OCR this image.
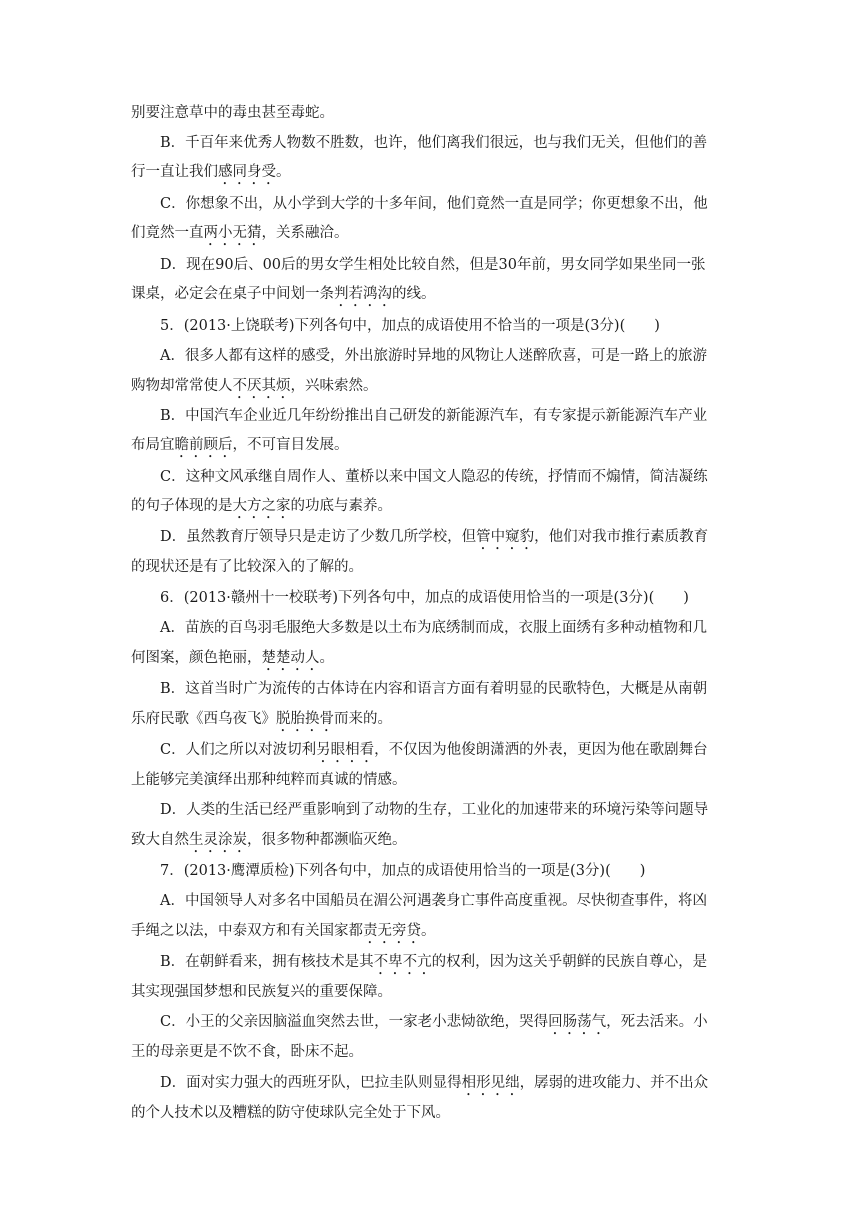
别要注意草中的毒虫甚至毒蛇。
B．千百年来优秀人物数不胜数，也许，他们离我们很远，也与我们无关，但他们的善
行一直让我们感同身受。
C．你想象不出，从小学到大学的十多年间，他们竟然一直是同学；你更想象不出，他
们竟然一直两小无猜，关系融洽。
D．现在90后、00后的男女学生相处比较自然，但是30年前，男女同学如果坐同一张
课桌，必定会在桌子中间划一条判若鸿沟的线。
5．(2013·上饶联考)下列各句中，加点的成语使用不恰当的一项是(3分)(　　)
A．很多人都有这样的感受，外出旅游时异地的风物让人迷醉欣喜，可是一路上的旅游
购物却常常使人不厌其烦，兴味索然。
B．中国汽车企业近几年纷纷推出自己研发的新能源汽车，有专家提示新能源汽车产业
布局宜瞻前顾后，不可盲目发展。
C．这种文风承继自周作人、董桥以来中国文人隐忍的传统，抒情而不煽情，简洁凝练
的句子体现的是大方之家的功底与素养。
D．虽然教育厅领导只是走访了少数几所学校，但管中窥豹，他们对我市推行素质教育
的现状还是有了比较深入的了解的。
6．(2013·赣州十一校联考)下列各句中，加点的成语使用恰当的一项是(3分)(　　)
A．苗族的百鸟羽毛服绝大多数是以土布为底绣制而成，衣服上面绣有多种动植物和几
何图案，颜色艳丽，楚楚动人。
B．这首当时广为流传的古体诗在内容和语言方面有着明显的民歌特色，大概是从南朝
乐府民歌《西乌夜飞》脱胎换骨而来的。
C．人们之所以对波切利另眼相看，不仅因为他俊朗潇洒的外表，更因为他在歌剧舞台
上能够完美演绎出那种纯粹而真诚的情感。
D．人类的生活已经严重影响到了动物的生存，工业化的加速带来的环境污染等问题导
致大自然生灵涂炭，很多物种都濒临灭绝。
7．(2013·鹰潭质检)下列各句中，加点的成语使用恰当的一项是(3分)(　　)
A．中国领导人对多名中国船员在湄公河遇袭身亡事件高度重视。尽快彻查事件，将凶
手绳之以法，中泰双方和有关国家都责无旁贷。
B．在朝鲜看来，拥有核技术是其不卑不亢的权利，因为这关乎朝鲜的民族自尊心，是
其实现强国梦想和民族复兴的重要保障。
C．小王的父亲因脑溢血突然去世，一家老小悲恸欲绝，哭得回肠荡气，死去活来。小
王的母亲更是不饮不食，卧床不起。
D．面对实力强大的西班牙队，巴拉圭队则显得相形见绌，孱弱的进攻能力、并不出众
的个人技术以及糟糕的防守使球队完全处于下风。
